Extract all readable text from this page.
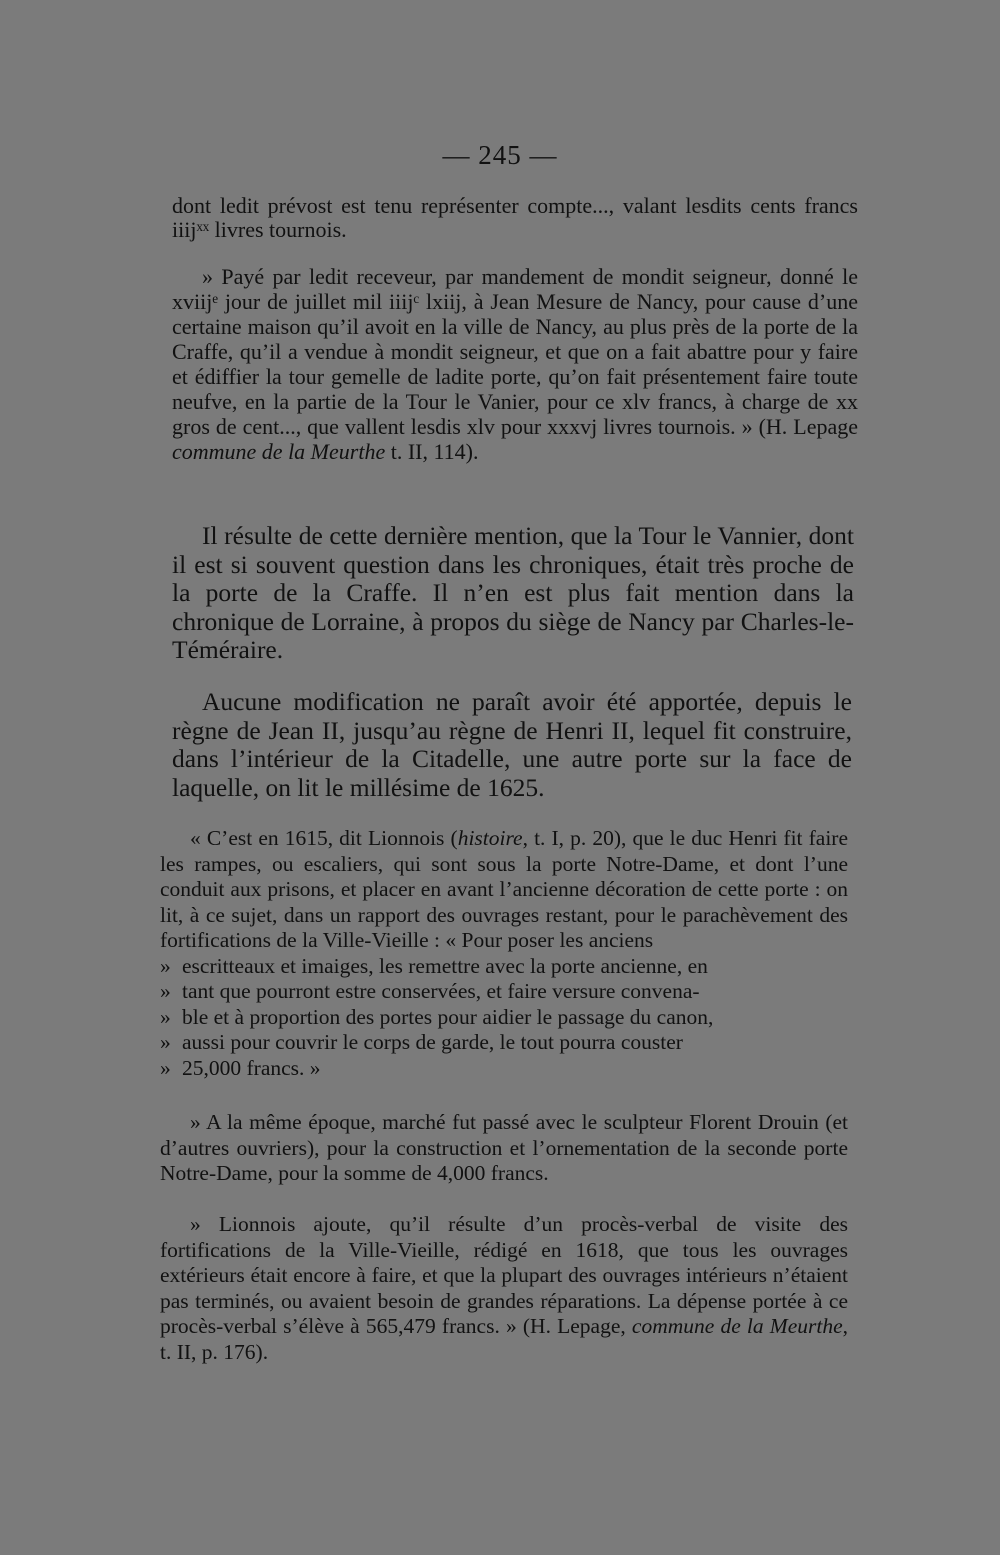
— 245 —

dont ledit prévost est tenu représenter compte..., valant lesdits cents francs iiijˣˣ livres tournois.

» Payé par ledit receveur, par mandement de mondit seigneur, donné le xviijᵉ jour de juillet mil iiijᶜ lxiij, à Jean Mesure de Nancy, pour cause d’une certaine maison qu’il avoit en la ville de Nancy, au plus près de la porte de la Craffe, qu’il a vendue à mondit seigneur, et que on a fait abattre pour y faire et édiffier la tour gemelle de ladite porte, qu’on fait présentement faire toute neufve, en la partie de la Tour le Vanier, pour ce xlv francs, à charge de xx gros de cent..., que vallent lesdis xlv pour xxxvj livres tournois. » (H. Lepage commune de la Meurthe t. II, 114).

Il résulte de cette dernière mention, que la Tour le Vannier, dont il est si souvent question dans les chroniques, était très proche de la porte de la Craffe. Il n’en est plus fait mention dans la chronique de Lorraine, à propos du siège de Nancy par Charles-le-Téméraire.

Aucune modification ne paraît avoir été apportée, depuis le règne de Jean II, jusqu’au règne de Henri II, lequel fit construire, dans l’intérieur de la Citadelle, une autre porte sur la face de laquelle, on lit le millésime de 1625.

« C’est en 1615, dit Lionnois (histoire, t. I, p. 20), que le duc Henri fit faire les rampes, ou escaliers, qui sont sous la porte Notre-Dame, et dont l’une conduit aux prisons, et placer en avant l’ancienne décoration de cette porte : on lit, à ce sujet, dans un rapport des ouvrages restant, pour le parachèvement des fortifications de la Ville-Vieille : « Pour poser les anciens

» escritteaux et imaiges, les remettre avec la porte ancienne, en
» tant que pourront estre conservées, et faire versure convena-
» ble et à proportion des portes pour aidier le passage du canon,
» aussi pour couvrir le corps de garde, le tout pourra couster
» 25,000 francs. »

» A la même époque, marché fut passé avec le sculpteur Florent Drouin (et d’autres ouvriers), pour la construction et l’ornementation de la seconde porte Notre-Dame, pour la somme de 4,000 francs.

» Lionnois ajoute, qu’il résulte d’un procès-verbal de visite des fortifications de la Ville-Vieille, rédigé en 1618, que tous les ouvrages extérieurs était encore à faire, et que la plupart des ouvrages intérieurs n’étaient pas terminés, ou avaient besoin de grandes réparations. La dépense portée à ce procès-verbal s’élève à 565,479 francs. » (H. Lepage, commune de la Meurthe, t. II, p. 176).
